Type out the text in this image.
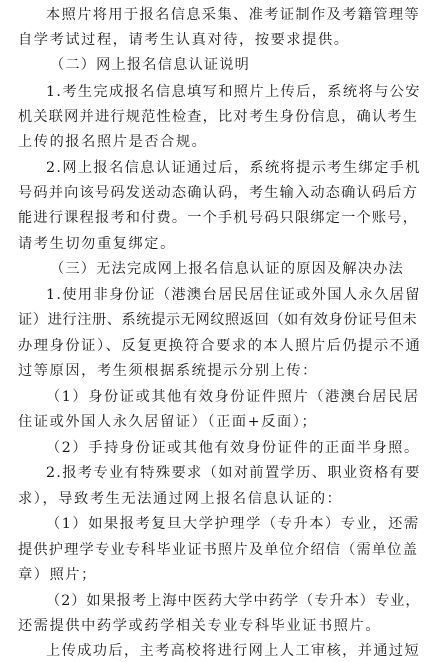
本照片将用于报名信息采集、准考证制作及考籍管理等
自学考试过程，请考生认真对待，按要求提供。
（二）网上报名信息认证说明
1.考生完成报名信息填写和照片上传后，系统将与公安
机关联网并进行规范性检查，比对考生身份信息，确认考生
上传的报名照片是否合规。
2.网上报名信息认证通过后，系统将提示考生绑定手机
号码并向该号码发送动态确认码，考生输入动态确认码后方
能进行课程报考和付费。一个手机号码只限绑定一个账号，
请考生切勿重复绑定。
（三）无法完成网上报名信息认证的原因及解决办法
1.使用非身份证（港澳台居民居住证或外国人永久居留
证）进行注册、系统提示无网纹照返回（如有效身份证号但未
办理身份证）、反复更换符合要求的本人照片后仍提示不通
过等原因，考生须根据系统提示分别上传：
（1）身份证或其他有效身份证件照片（港澳台居民居
住证或外国人永久居留证）（正面+反面）；
（2）手持身份证或其他有效身份证件的正面半身照。
2.报考专业有特殊要求（如对前置学历、职业资格有要
求），导致考生无法通过网上报名信息认证的：
（1）如果报考复旦大学护理学（专升本）专业，还需
提供护理学专业专科毕业证书照片及单位介绍信（需单位盖
章）照片；
（2）如果报考上海中医药大学中药学（专升本）专业，
还需提供中药学或药学相关专业专科毕业证书照片。
上传成功后，主考高校将进行网上人工审核，并通过短
